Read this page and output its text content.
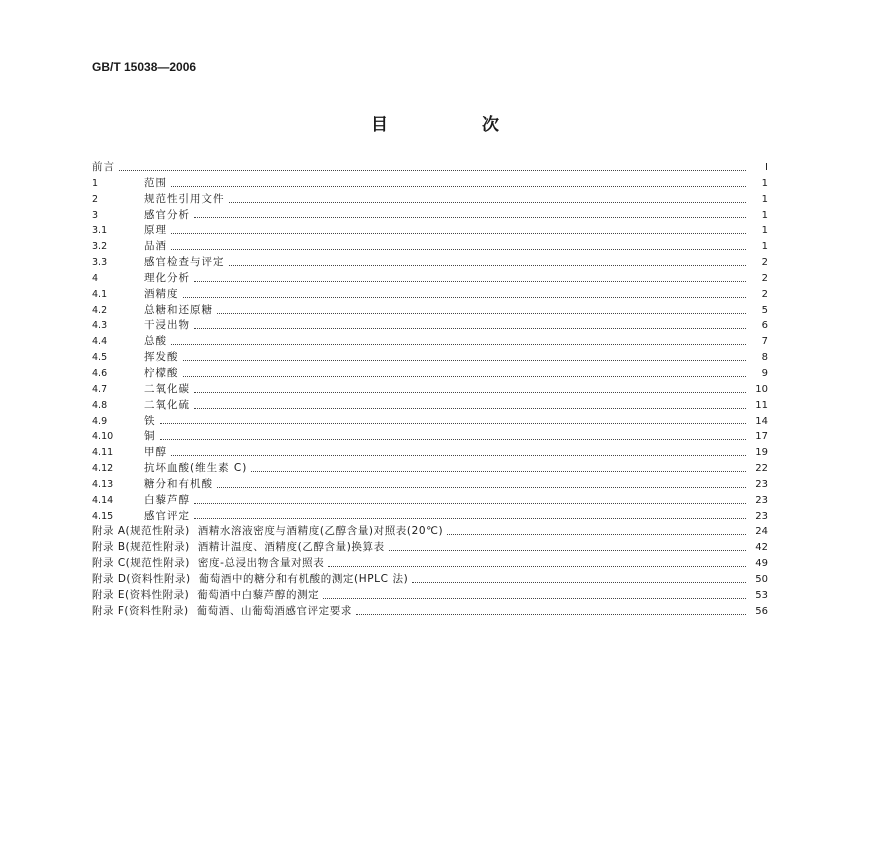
GB/T 15038—2006
目 次
前言	Ⅰ
1	范围	1
2	规范性引用文件	1
3	感官分析	1
3.1	原理	1
3.2	品酒	1
3.3	感官检查与评定	2
4	理化分析	2
4.1	酒精度	2
4.2	总糖和还原糖	5
4.3	干浸出物	6
4.4	总酸	7
4.5	挥发酸	8
4.6	柠檬酸	9
4.7	二氧化碳	10
4.8	二氧化硫	11
4.9	铁	14
4.10	铜	17
4.11	甲醇	19
4.12	抗坏血酸(维生素 C)	22
4.13	糖分和有机酸	23
4.14	白藜芦醇	23
4.15	感官评定	23
附录 A(规范性附录) 酒精水溶液密度与酒精度(乙醇含量)对照表(20℃)	24
附录 B(规范性附录) 酒精计温度、酒精度(乙醇含量)换算表	42
附录 C(规范性附录) 密度-总浸出物含量对照表	49
附录 D(资料性附录) 葡萄酒中的糖分和有机酸的测定(HPLC 法)	50
附录 E(资料性附录) 葡萄酒中白藜芦醇的测定	53
附录 F(资料性附录) 葡萄酒、山葡萄酒感官评定要求	56
